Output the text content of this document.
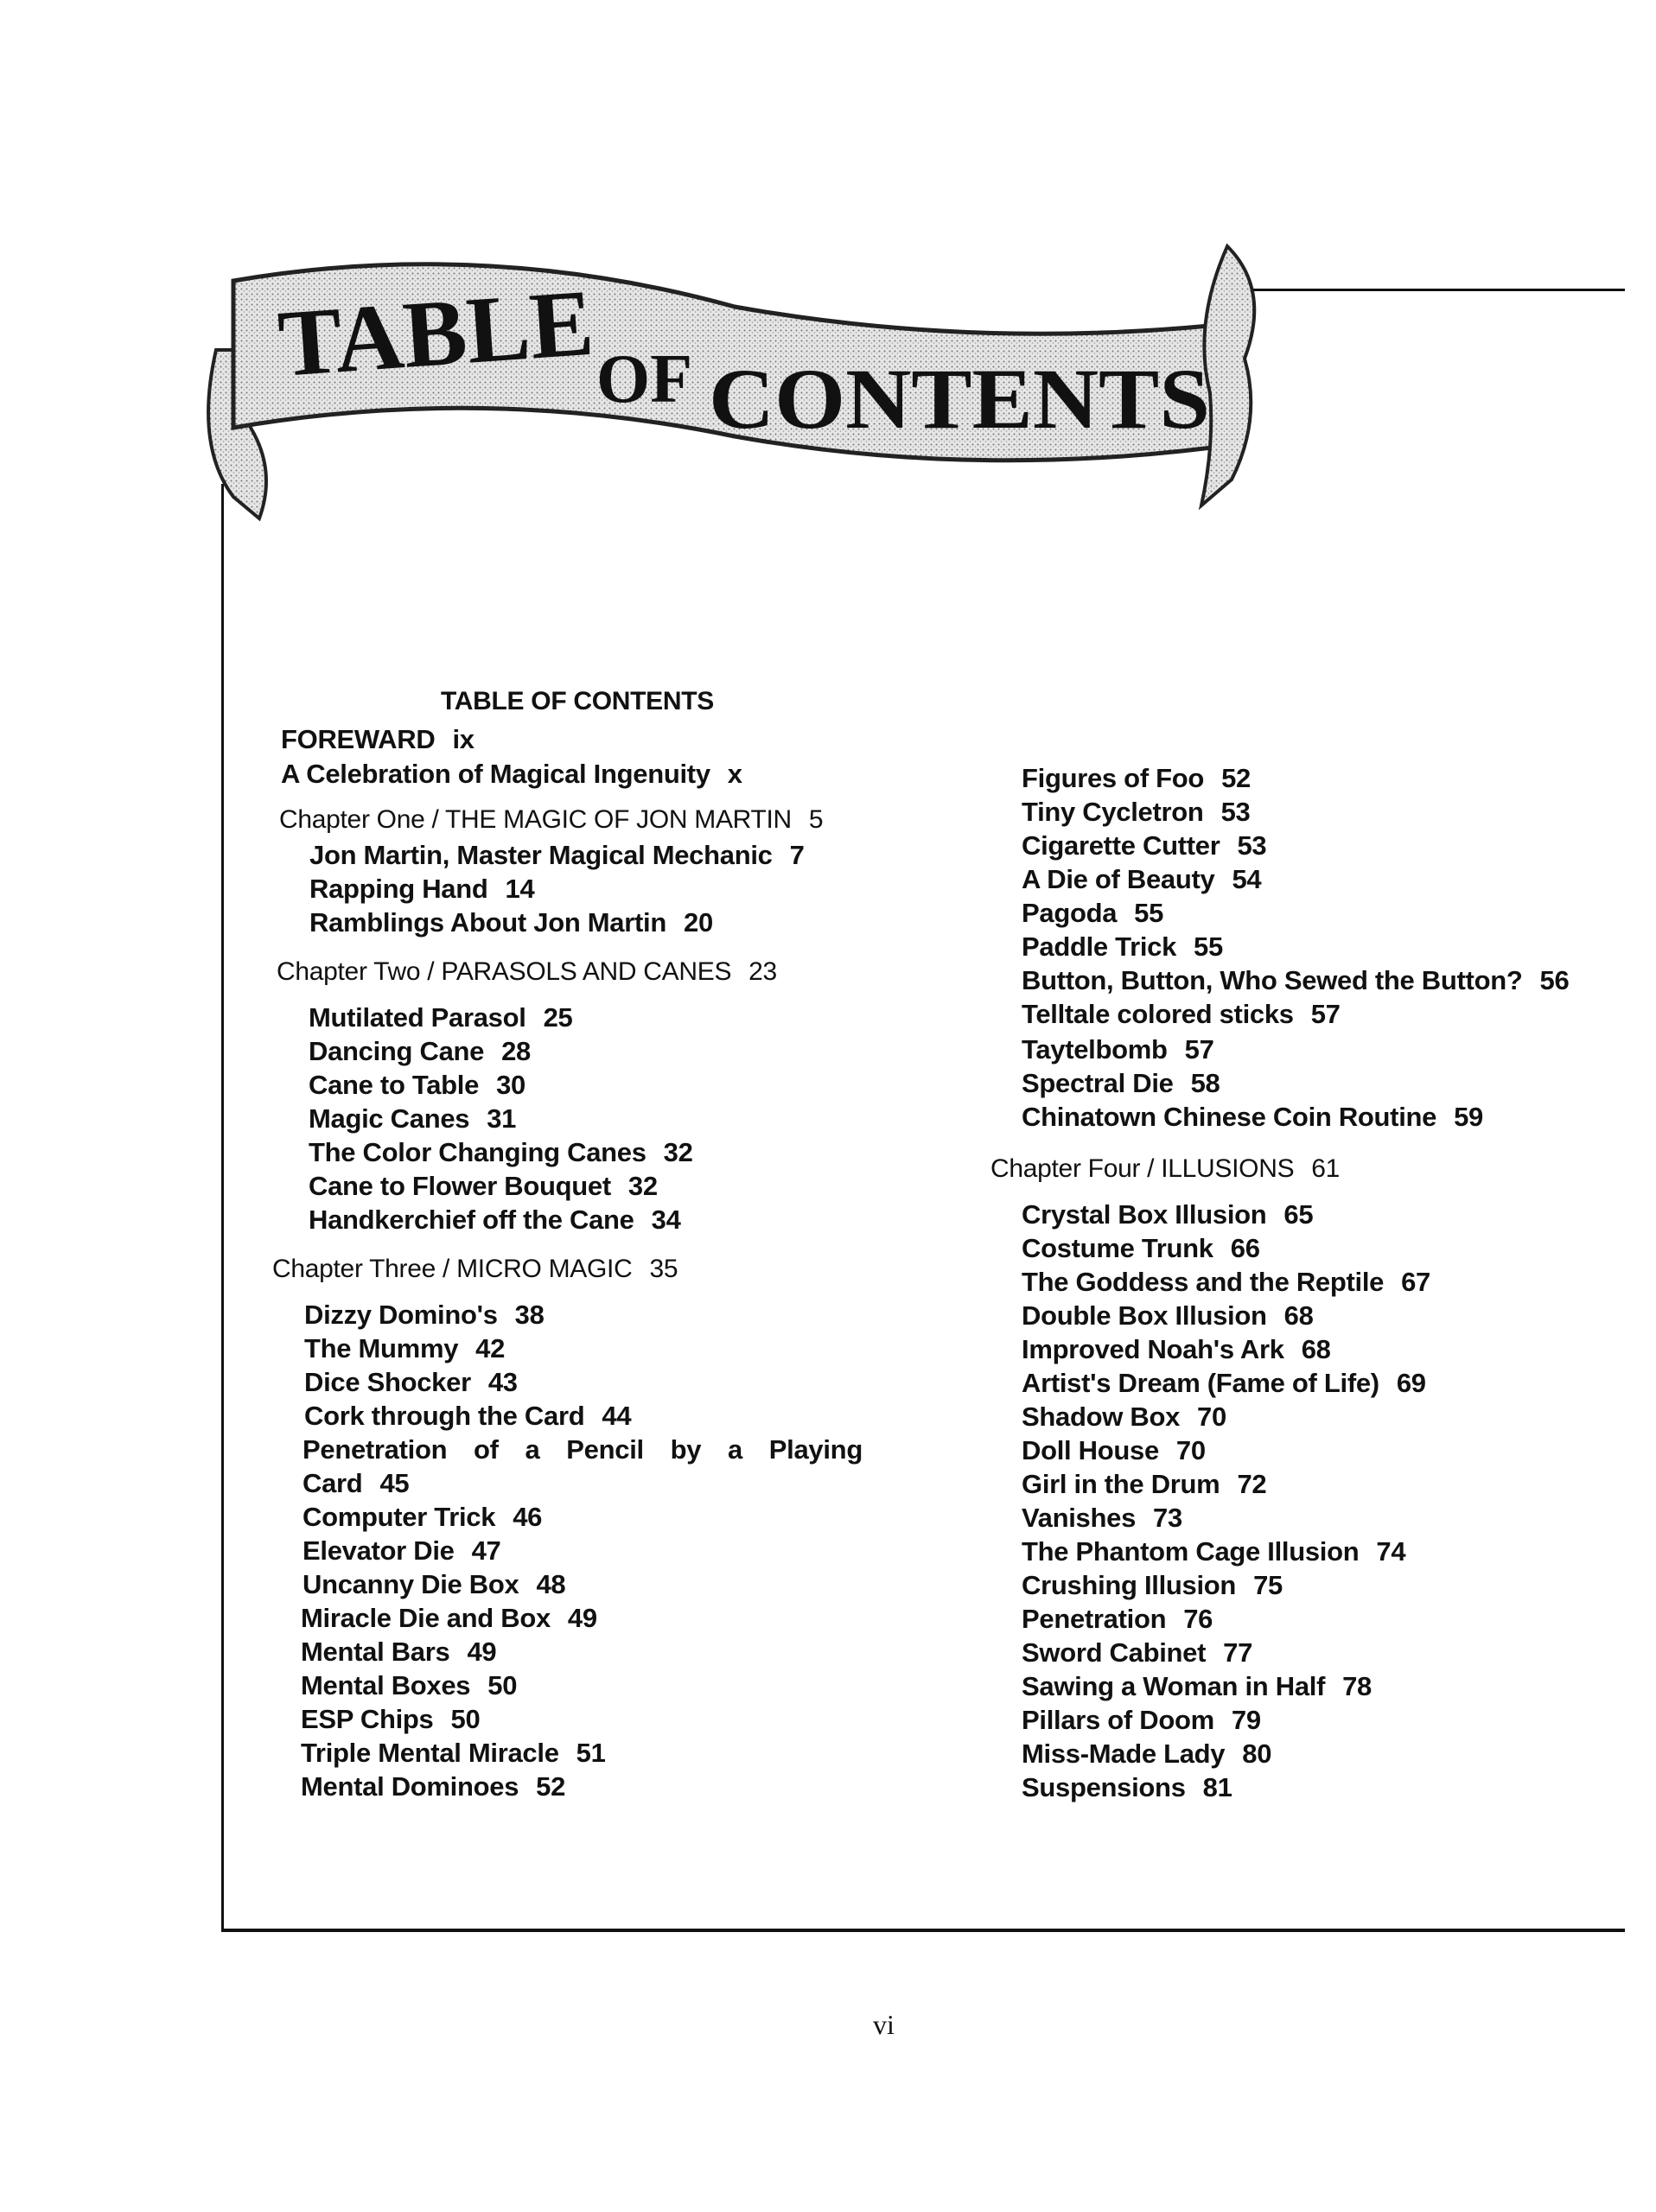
TABLE OF CONTENTS
TABLE OF CONTENTS
FOREWARD ix
A Celebration of Magical Ingenuity x
Chapter One / THE MAGIC OF JON MARTIN 5
Jon Martin, Master Magical Mechanic 7
Rapping Hand 14
Ramblings About Jon Martin 20
Chapter Two / PARASOLS AND CANES 23
Mutilated Parasol 25
Dancing Cane 28
Cane to Table 30
Magic Canes 31
The Color Changing Canes 32
Cane to Flower Bouquet 32
Handkerchief off the Cane 34
Chapter Three / MICRO MAGIC 35
Dizzy Domino's 38
The Mummy 42
Dice Shocker 43
Cork through the Card 44
Penetration of a Pencil by a Playing
Card 45
Computer Trick 46
Elevator Die 47
Uncanny Die Box 48
Miracle Die and Box 49
Mental Bars 49
Mental Boxes 50
ESP Chips 50
Triple Mental Miracle 51
Mental Dominoes 52
Figures of Foo 52
Tiny Cycletron 53
Cigarette Cutter 53
A Die of Beauty 54
Pagoda 55
Paddle Trick 55
Button, Button, Who Sewed the Button? 56
Telltale colored sticks 57
Taytelbomb 57
Spectral Die 58
Chinatown Chinese Coin Routine 59
Chapter Four / ILLUSIONS 61
Crystal Box Illusion 65
Costume Trunk 66
The Goddess and the Reptile 67
Double Box Illusion 68
Improved Noah's Ark 68
Artist's Dream (Fame of Life) 69
Shadow Box 70
Doll House 70
Girl in the Drum 72
Vanishes 73
The Phantom Cage Illusion 74
Crushing Illusion 75
Penetration 76
Sword Cabinet 77
Sawing a Woman in Half 78
Pillars of Doom 79
Miss-Made Lady 80
Suspensions 81
vi
